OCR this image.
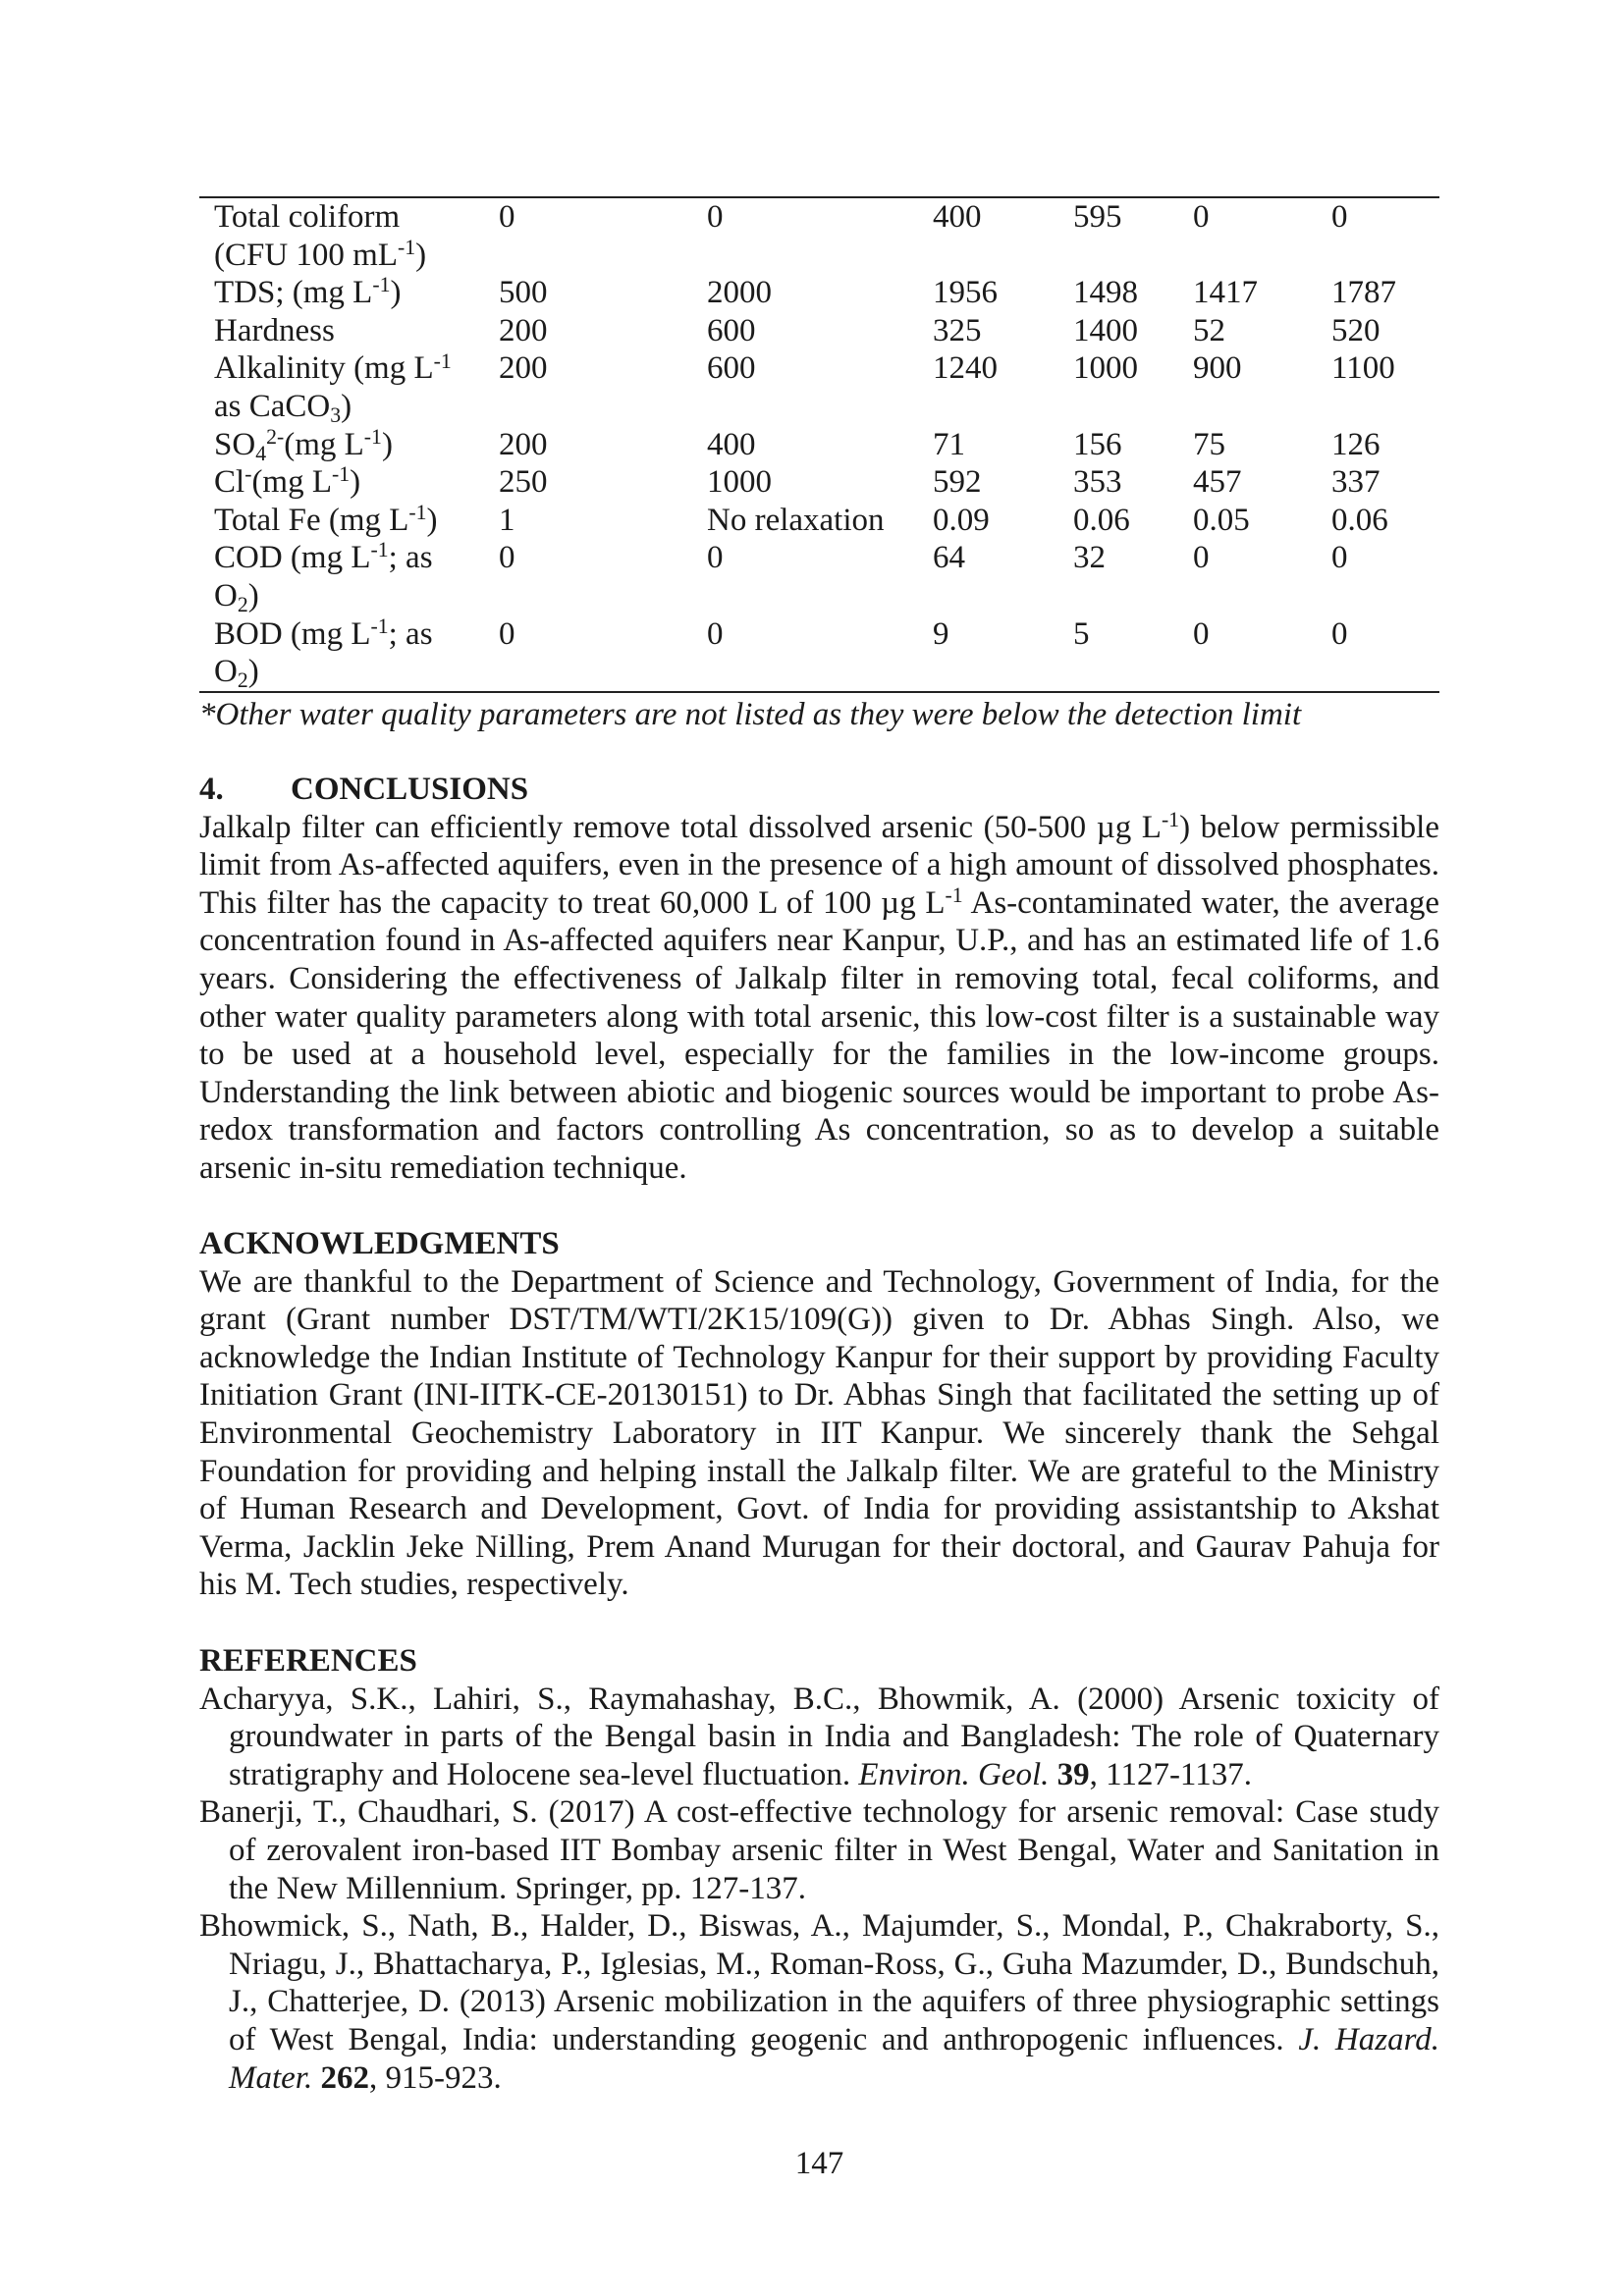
Total coliform
(CFU 100 $mL^{-1}$)
0	0	400	595	0	0
TDS; (mg $L^{-1}$)	500	2000	1956	1498	1417	1787
Hardness	200	600	325	1400	52	520
Alkalinity (mg $L^{-1}$
as CaCO$_3$)
200	600	1240	1000	900	1100
$SO_4^{2-}(mg$ $L^{-1}$)	200	400	71	156	75	126
Cl-(mg $L^{-1}$)	250	1000	592	353	457	337
Total Fe (mg $L^{-1}$)	1	No relaxation	0.09	0.06	0.05	0.06
COD (mg $L^{-1}$; as
$O_2$)
0	0	64	32	0	0
BOD (mg $L^{-1}$; as
$O_2$)
0	0	9	5	0	0
*Other water quality parameters are not listed as they were below the detection limit
4. CONCLUSIONS
Jalkalp filter can efficiently remove total dissolved arsenic (50-500 µg $L^{-1}$) below permissible
limit from As-affected aquifers, even in the presence of a high amount of dissolved phosphates.
This filter has the capacity to treat 60,000 L of 100 µg $L^{-1}$ As-contaminated water, the average
concentration found in As-affected aquifers near Kanpur, U.P., and has an estimated life of 1.6
years. Considering the effectiveness of Jalkalp filter in removing total, fecal coliforms, and
other water quality parameters along with total arsenic, this low-cost filter is a sustainable way
to be used at a household level, especially for the families in the low-income groups.
Understanding the link between abiotic and biogenic sources would be important to probe As-
redox transformation and factors controlling As concentration, so as to develop a suitable
arsenic in-situ remediation technique.
ACKNOWLEDGMENTS
We are thankful to the Department of Science and Technology, Government of India, for the
grant (Grant number DST/TM/WTI/2K15/109(G)) given to Dr. Abhas Singh. Also, we
acknowledge the Indian Institute of Technology Kanpur for their support by providing Faculty
Initiation Grant (INI-IITK-CE-20130151) to Dr. Abhas Singh that facilitated the setting up of
Environmental Geochemistry Laboratory in IIT Kanpur. We sincerely thank the Sehgal
Foundation for providing and helping install the Jalkalp filter. We are grateful to the Ministry
of Human Research and Development, Govt. of India for providing assistantship to Akshat
Verma, Jacklin Jeke Nilling, Prem Anand Murugan for their doctoral, and Gaurav Pahuja for
his M. Tech studies, respectively.
REFERENCES
Acharyya, S.K., Lahiri, S., Raymahashay, B.C., Bhowmik, A. (2000) Arsenic toxicity of
groundwater in parts of the Bengal basin in India and Bangladesh: The role of Quaternary
stratigraphy and Holocene sea-level fluctuation. Environ. Geol. 39, 1127-1137.
Banerji, T., Chaudhari, S. (2017) A cost-effective technology for arsenic removal: Case study
of zerovalent iron-based IIT Bombay arsenic filter in West Bengal, Water and Sanitation in
the New Millennium. Springer, pp. 127-137.
Bhowmick, S., Nath, B., Halder, D., Biswas, A., Majumder, S., Mondal, P., Chakraborty, S.,
Nriagu, J., Bhattacharya, P., Iglesias, M., Roman-Ross, G., Guha Mazumder, D., Bundschuh,
J., Chatterjee, D. (2013) Arsenic mobilization in the aquifers of three physiographic settings
of West Bengal, India: understanding geogenic and anthropogenic influences. J. Hazard.
Mater. 262, 915-923.
147
